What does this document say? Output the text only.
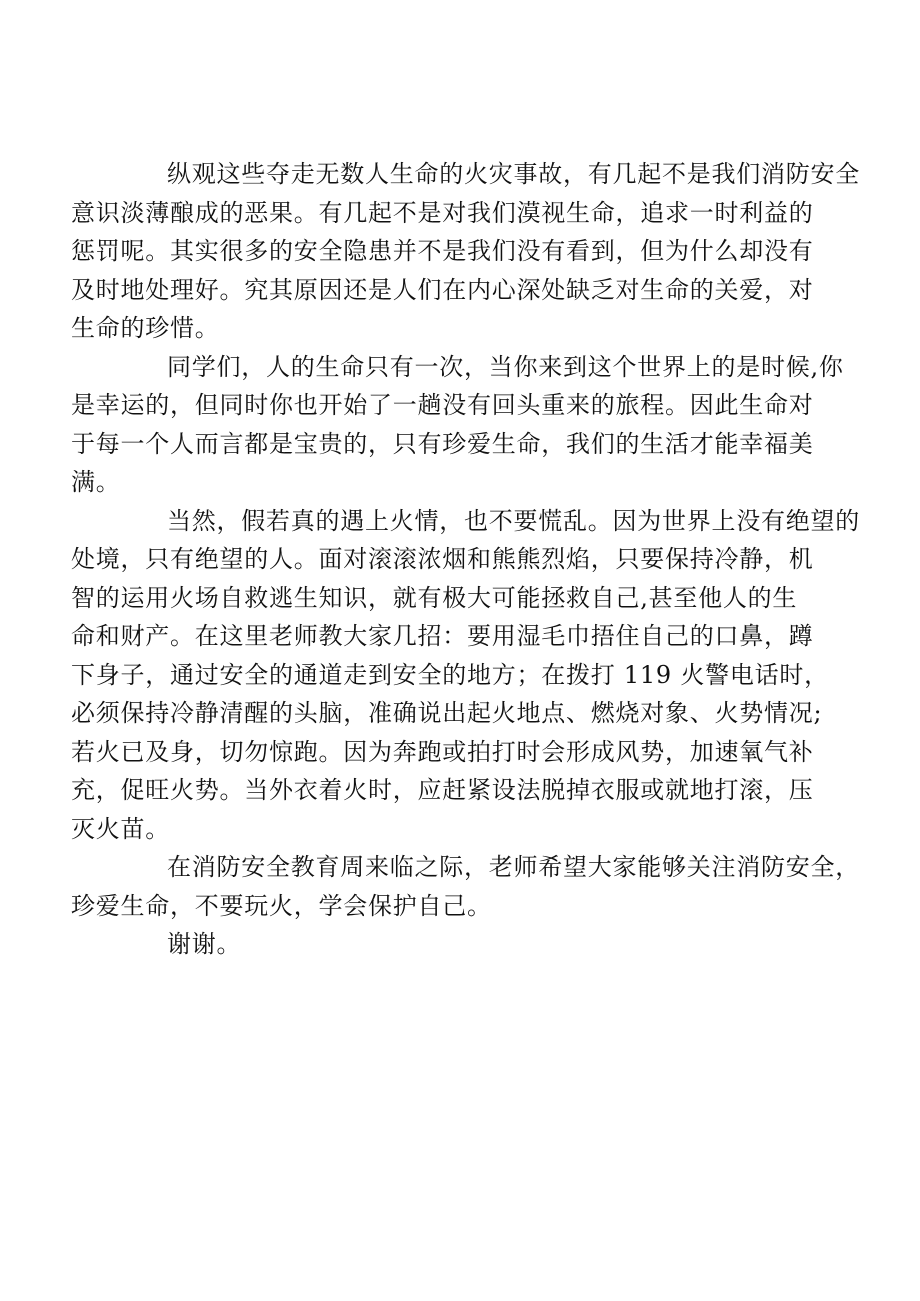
纵观这些夺走无数人生命的火灾事故，有几起不是我们消防安全
意识淡薄酿成的恶果。有几起不是对我们漠视生命，追求一时利益的
惩罚呢。其实很多的安全隐患并不是我们没有看到，但为什么却没有
及时地处理好。究其原因还是人们在内心深处缺乏对生命的关爱，对
生命的珍惜。

同学们，人的生命只有一次，当你来到这个世界上的是时候,你
是幸运的，但同时你也开始了一趟没有回头重来的旅程。因此生命对
于每一个人而言都是宝贵的，只有珍爱生命，我们的生活才能幸福美
满。

当然，假若真的遇上火情，也不要慌乱。因为世界上没有绝望的
处境，只有绝望的人。面对滚滚浓烟和熊熊烈焰，只要保持冷静，机
智的运用火场自救逃生知识，就有极大可能拯救自己,甚至他人的生
命和财产。在这里老师教大家几招：要用湿毛巾捂住自己的口鼻，蹲
下身子，通过安全的通道走到安全的地方；在拨打 119 火警电话时，
必须保持冷静清醒的头脑，准确说出起火地点、燃烧对象、火势情况;
若火已及身，切勿惊跑。因为奔跑或拍打时会形成风势，加速氧气补
充，促旺火势。当外衣着火时，应赶紧设法脱掉衣服或就地打滚，压
灭火苗。

在消防安全教育周来临之际，老师希望大家能够关注消防安全，
珍爱生命，不要玩火，学会保护自己。

谢谢。
